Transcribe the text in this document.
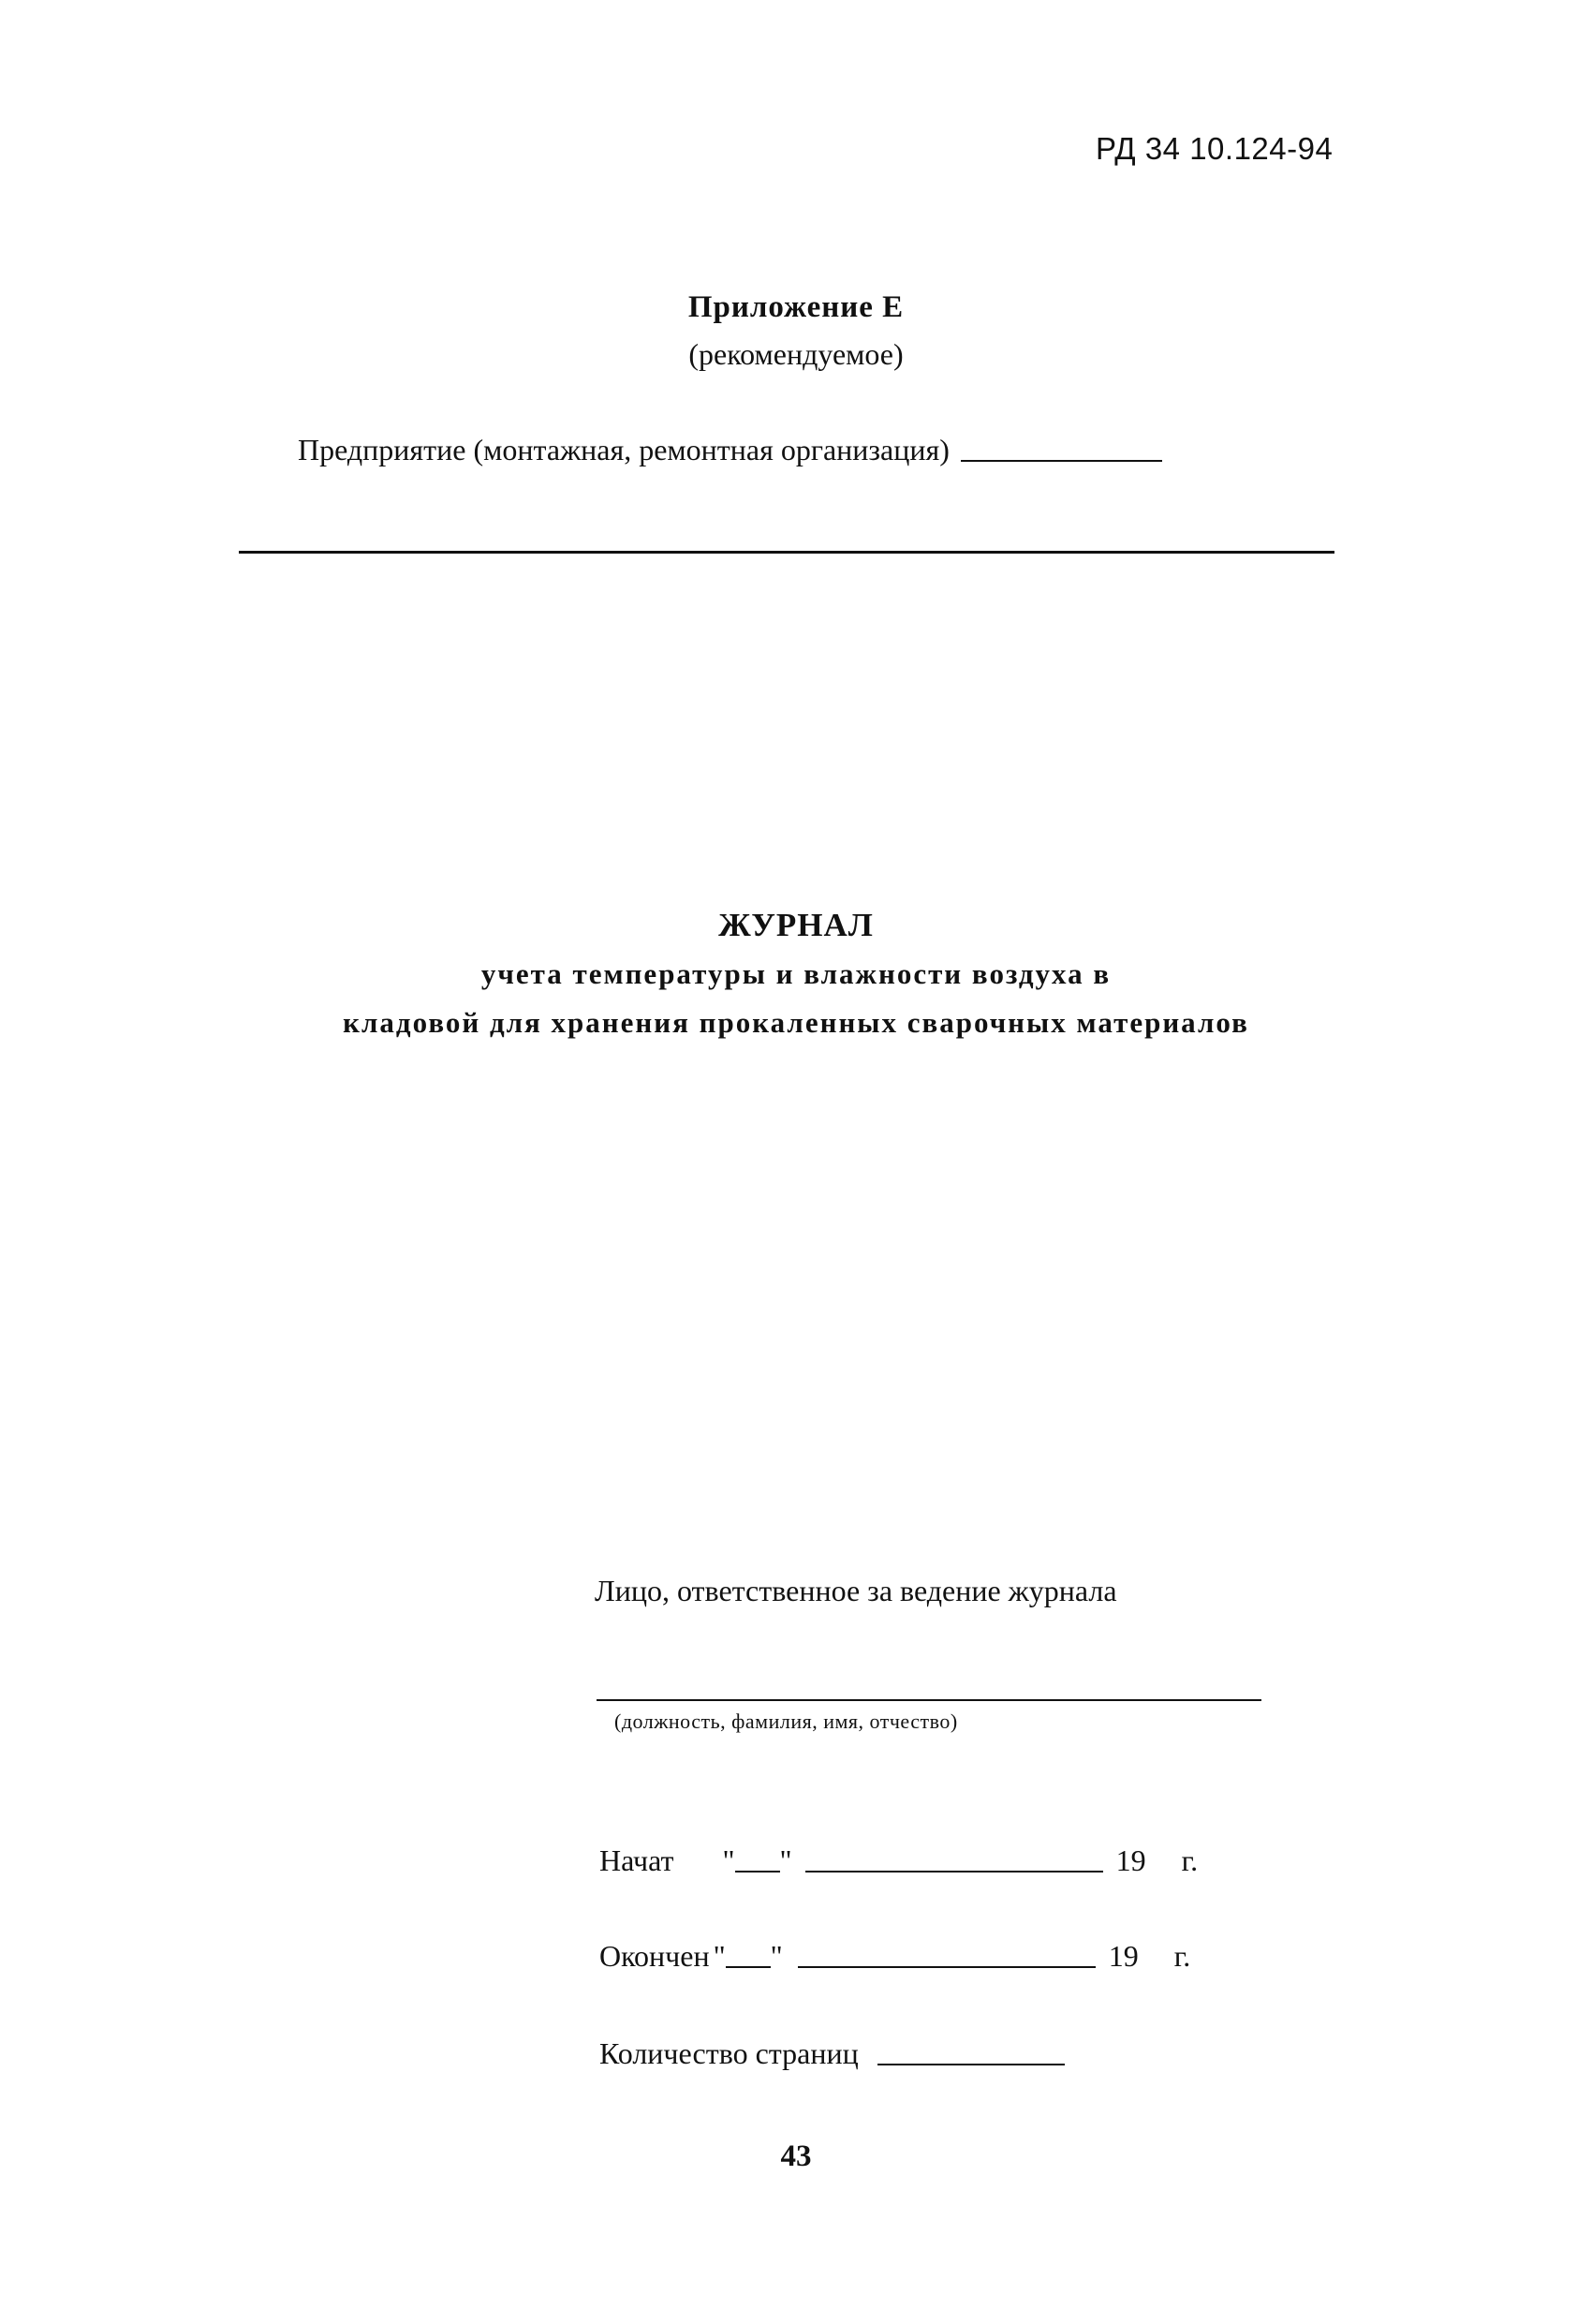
РД 34 10.124-94
Приложение Е
(рекомендуемое)
Предприятие (монтажная, ремонтная организация)
ЖУРНАЛ
учета температуры и влажности воздуха в
кладовой для хранения прокаленных сварочных материалов
Лицо, ответственное за ведение журнала
(должность, фамилия, имя, отчество)
Начат " "	19 г.
Окончен " "	19 г.
Количество страниц
43
